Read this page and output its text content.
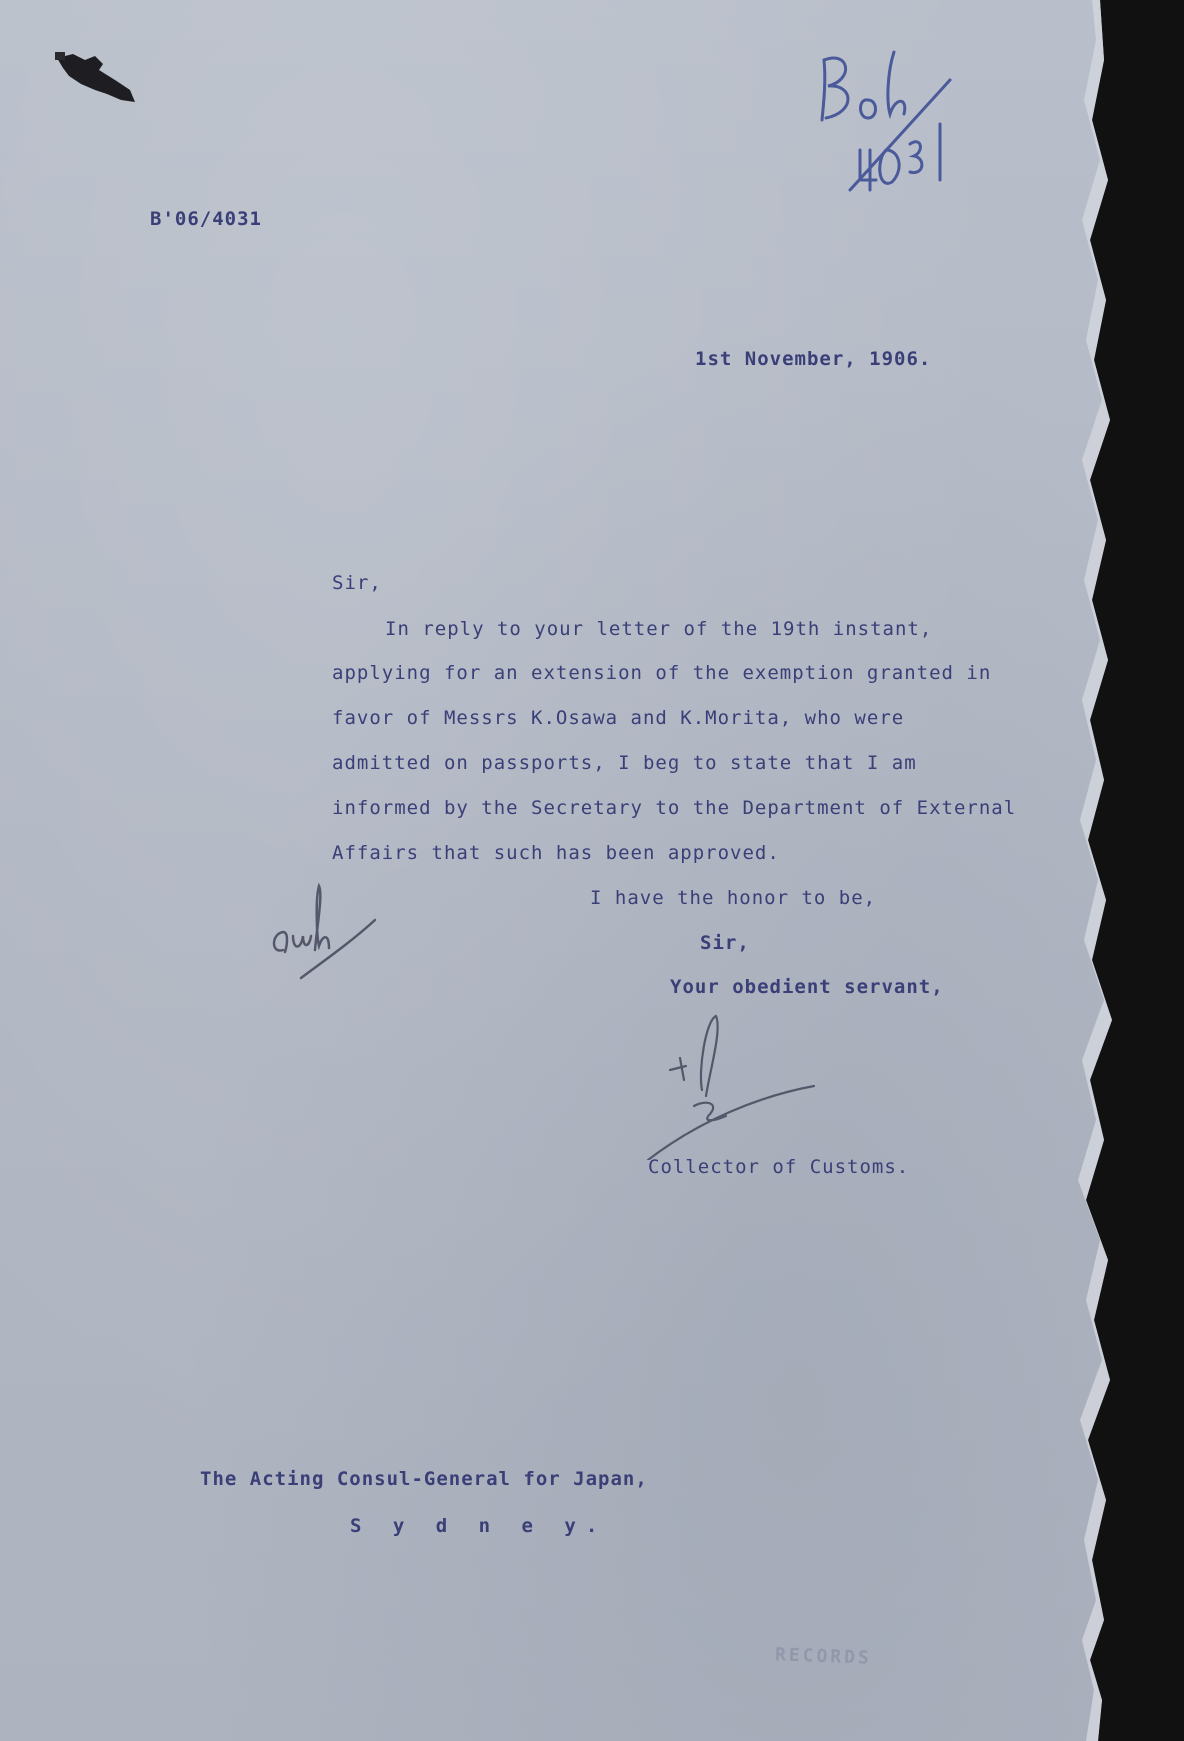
B'06/4031

1st November, 1906.

Sir,

In reply to your letter of the 19th instant,

applying for an extension of the exemption granted in

favor of Messrs K.Osawa and K.Morita, who were

admitted on passports, I beg to state that I am

informed by the Secretary to the Department of External

Affairs that such has been approved.

I have the honor to be,

Sir,

Your obedient servant,

Collector of Customs.

The Acting Consul-General for Japan,

S y d n e y.

RECORDS
